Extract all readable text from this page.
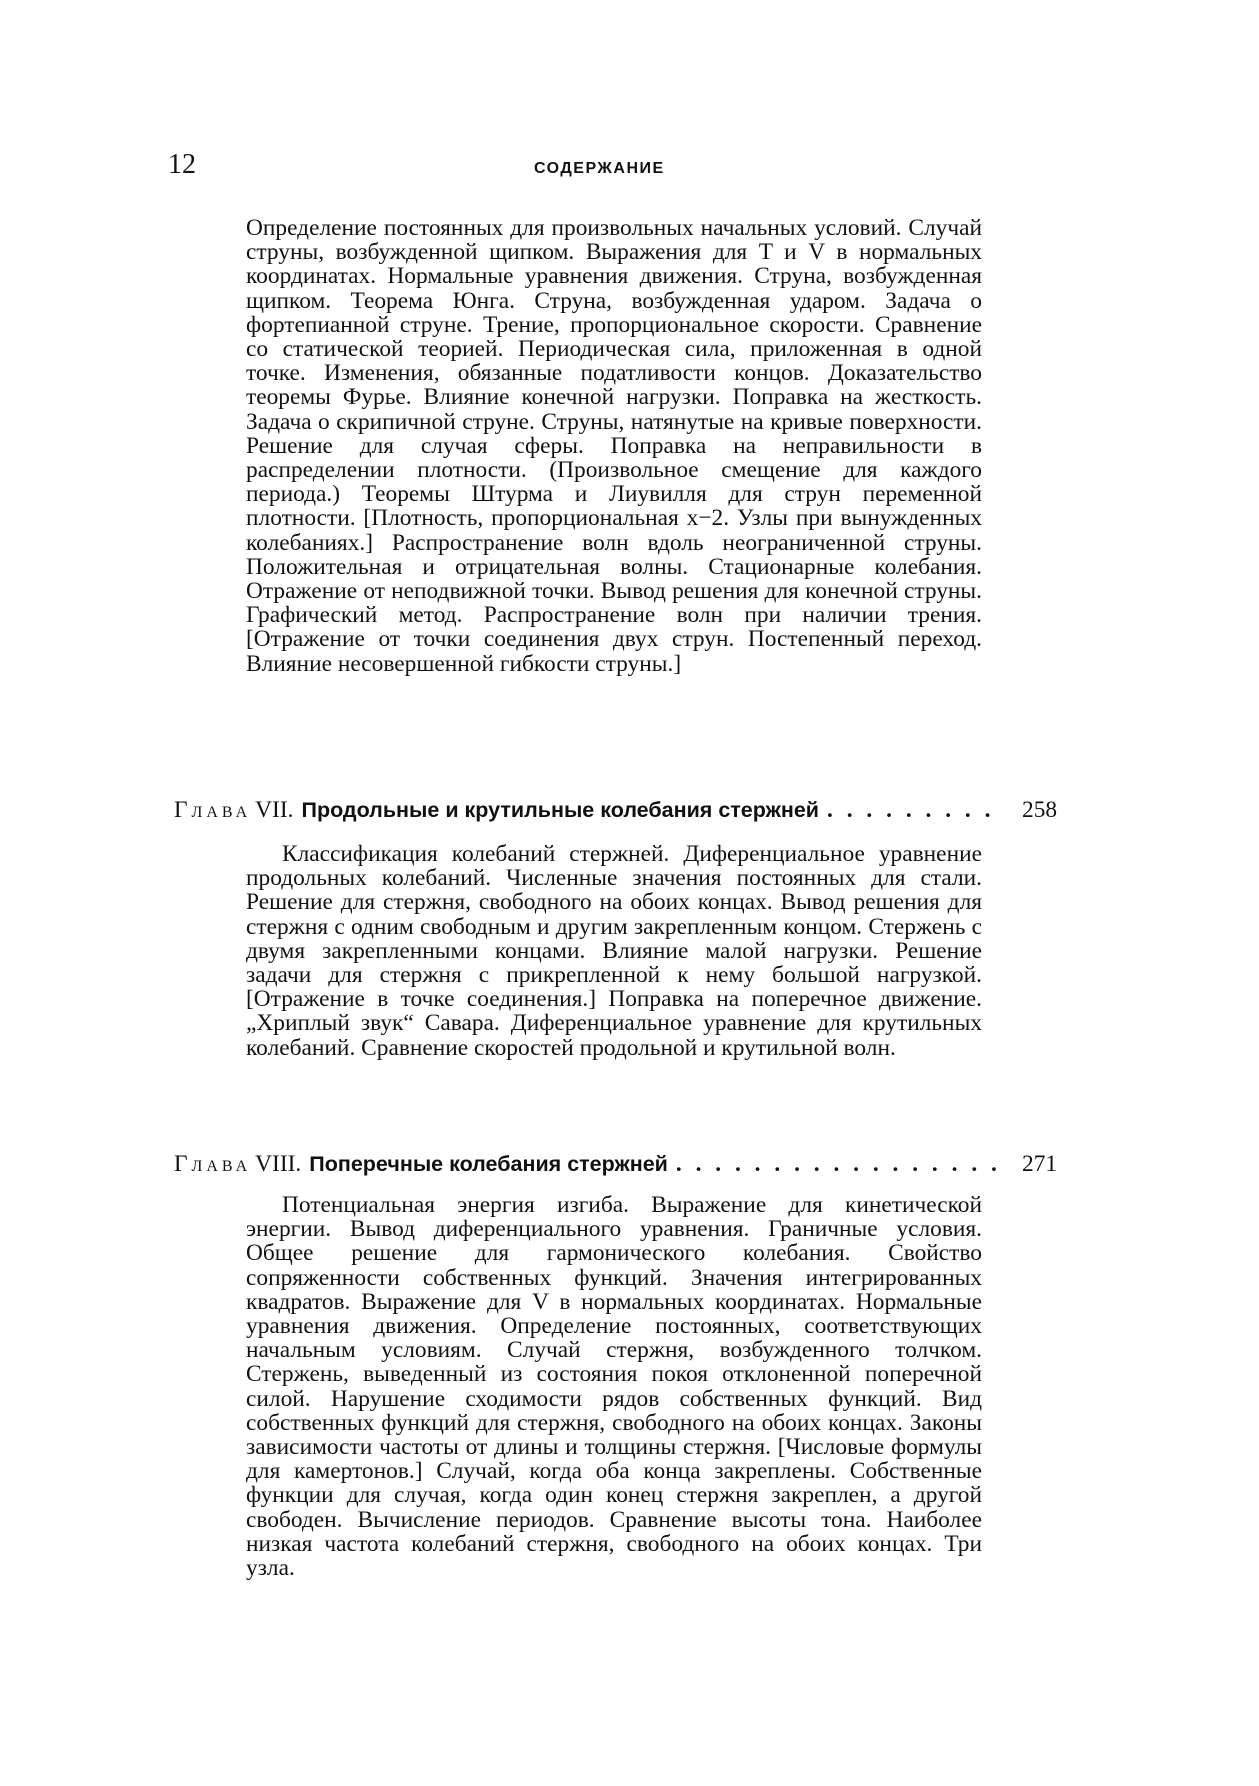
12	СОДЕРЖАНИЕ
Определение постоянных для произвольных начальных условий. Случай струны, возбужденной щипком. Выражения для T и V в нормальных координатах. Нормальные уравнения движения. Струна, возбужденная щипком. Теорема Юнга. Струна, возбужденная ударом. Задача о фортепианной струне. Трение, пропорциональное скорости. Сравнение со статической теорией. Периодическая сила, приложенная в одной точке. Изменения, обязанные податливости концов. Доказательство теоремы Фурье. Влияние конечной нагрузки. Поправка на жесткость. Задача о скрипичной струне. Струны, натянутые на кривые поверхности. Решение для случая сферы. Поправка на неправильности в распределении плотности. (Произвольное смещение для каждого периода.) Теоремы Штурма и Лиувилля для струн переменной плотности. [Плотность, пропорциональная x−2. Узлы при вынужденных колебаниях.] Распространение волн вдоль неограниченной струны. Положительная и отрицательная волны. Стационарные колебания. Отражение от неподвижной точки. Вывод решения для конечной струны. Графический метод. Распространение волн при наличии трения. [Отражение от точки соединения двух струн. Постепенный переход. Влияние несовершенной гибкости струны.]
Глава VII. Продольные и крутильные колебания стержней . . .	258
Классификация колебаний стержней. Диференциальное уравнение продольных колебаний. Численные значения постоянных для стали. Решение для стержня, свободного на обоих концах. Вывод решения для стержня с одним свободным и другим закрепленным концом. Стержень с двумя закрепленными концами. Влияние малой нагрузки. Решение задачи для стержня с прикрепленной к нему большой нагрузкой. [Отражение в точке соединения.] Поправка на поперечное движение. „Хриплый звук“ Савара. Диференциальное уравнение для крутильных колебаний. Сравнение скоростей продольной и крутильной волн.
Глава VIII. Поперечные колебания стержней . . .	271
Потенциальная энергия изгиба. Выражение для кинетической энергии. Вывод диференциального уравнения. Граничные условия. Общее решение для гармонического колебания. Свойство сопряженности собственных функций. Значения интегрированных квадратов. Выражение для V в нормальных координатах. Нормальные уравнения движения. Определение постоянных, соответствующих начальным условиям. Случай стержня, возбужденного толчком. Стержень, выведенный из состояния покоя отклоненной поперечной силой. Нарушение сходимости рядов собственных функций. Вид собственных функций для стержня, свободного на обоих концах. Законы зависимости частоты от длины и толщины стержня. [Числовые формулы для камертонов.] Случай, когда оба конца закреплены. Собственные функции для случая, когда один конец стержня закреплен, а другой свободен. Вычисление периодов. Сравнение высоты тона. Наиболее низкая частота колебаний стержня, свободного на обоих концах. Три узла.
